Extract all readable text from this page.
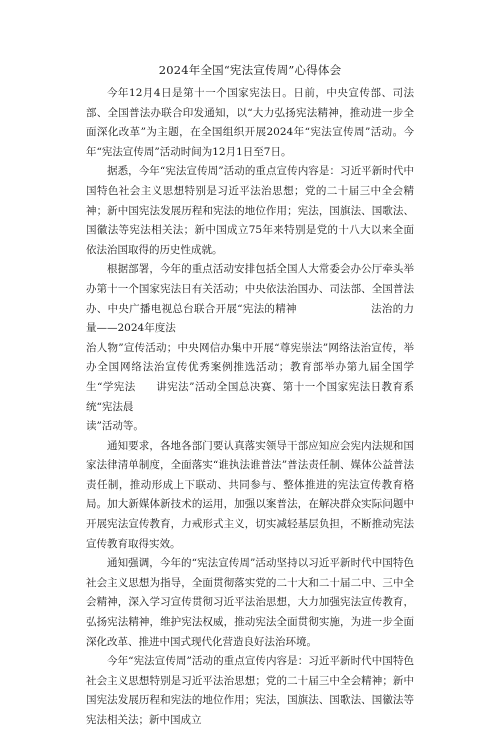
2024年全国“宪法宣传周”心得体会

今年12月4日是第十一个国家宪法日。日前，中央宣传部、司法部、全国普法办联合印发通知，以“大力弘扬宪法精神，推动进一步全面深化改革”为主题，在全国组织开展2024年“宪法宣传周”活动。今年“宪法宣传周”活动时间为12月1日至7日。

据悉，今年“宪法宣传周”活动的重点宣传内容是：习近平新时代中国特色社会主义思想特别是习近平法治思想；党的二十届三中全会精神；新中国宪法发展历程和宪法的地位作用；宪法，国旗法、国歌法、国徽法等宪法相关法；新中国成立75年来特别是党的十八大以来全面依法治国取得的历史性成就。

根据部署，今年的重点活动安排包括全国人大常委会办公厅牵头举办第十一个国家宪法日有关活动；中央依法治国办、司法部、全国普法办、中央广播电视总台联合开展“宪法的精神	法治的力量——2024年度法

治人物”宣传活动；中央网信办集中开展“尊宪崇法”网络法治宣传，举办全国网络法治宣传优秀案例推选活动；教育部举办第九届全国学生“学宪法 讲宪法”活动全国总决赛、第十一个国家宪法日教育系统“宪法晨

读”活动等。

通知要求，各地各部门要认真落实领导干部应知应会宪内法规和国家法律清单制度，全面落实“谁执法谁普法”普法责任制、媒体公益普法责任制，推动形成上下联动、共同参与、整体推进的宪法宣传教育格局。加大新媒体新技术的运用，加强以案普法，在解决群众实际问题中开展宪法宣传教育，力戒形式主义，切实减轻基层负担，不断推动宪法宣传教育取得实效。

通知强调，今年的“宪法宣传周”活动坚持以习近平新时代中国特色社会主义思想为指导，全面贯彻落实党的二十大和二十届二中、三中全会精神，深入学习宣传贯彻习近平法治思想，大力加强宪法宣传教育，弘扬宪法精神，维护宪法权威，推动宪法全面贯彻实施，为进一步全面深化改革、推进中国式现代化营造良好法治环境。

今年“宪法宣传周”活动的重点宣传内容是：习近平新时代中国特色社会主义思想特别是习近平法治思想；党的二十届三中全会精神；新中国宪法发展历程和宪法的地位作用；宪法，国旗法、国歌法、国徽法等宪法相关法；新中国成立
